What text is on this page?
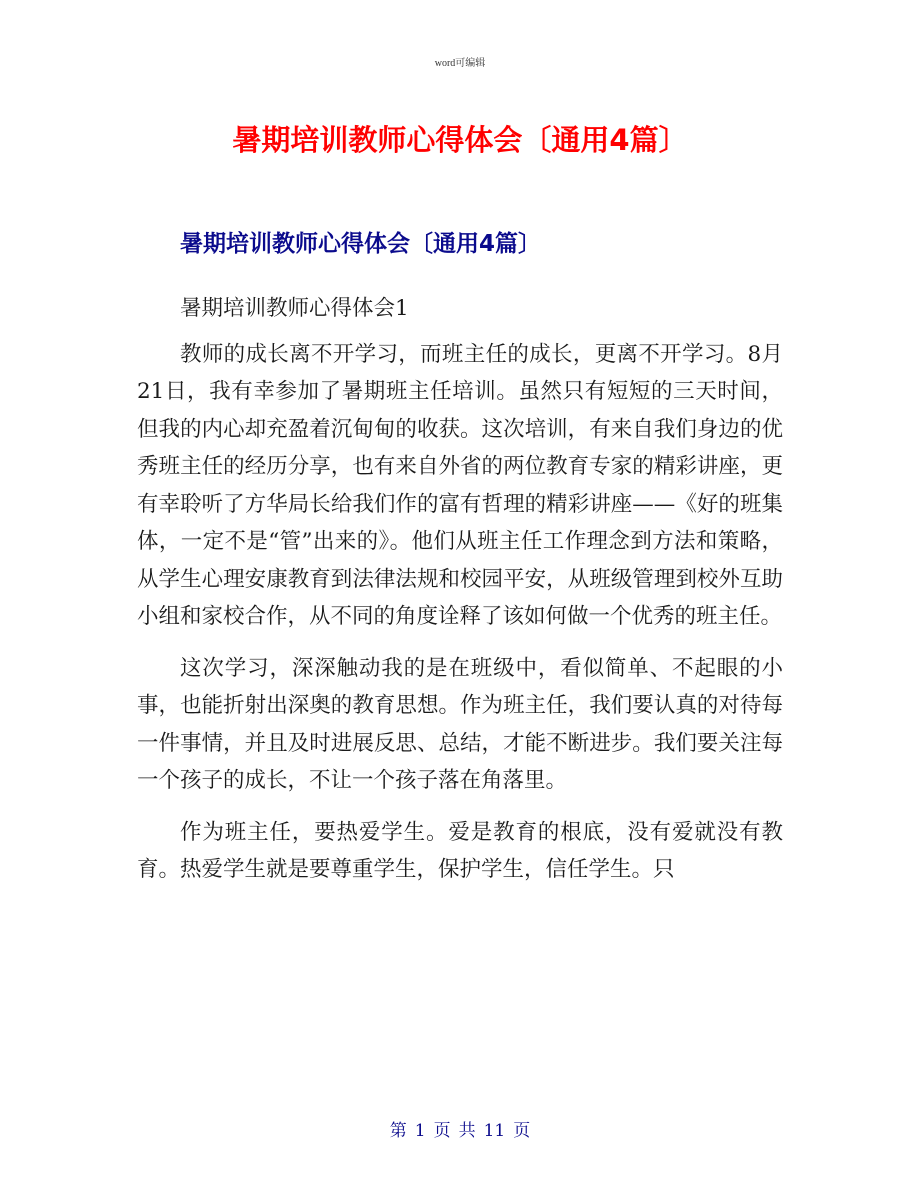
word可编辑
暑期培训教师心得体会〔通用4篇〕
暑期培训教师心得体会〔通用4篇〕

暑期培训教师心得体会1

教师的成长离不开学习，而班主任的成长，更离不开学习。8月21日，我有幸参加了暑期班主任培训。虽然只有短短的三天时间，但我的内心却充盈着沉甸甸的收获。这次培训，有来自我们身边的优秀班主任的经历分享，也有来自外省的两位教育专家的精彩讲座，更有幸聆听了方华局长给我们作的富有哲理的精彩讲座——《好的班集体，一定不是“管”出来的》。他们从班主任工作理念到方法和策略，从学生心理安康教育到法律法规和校园平安，从班级管理到校外互助小组和家校合作，从不同的角度诠释了该如何做一个优秀的班主任。

这次学习，深深触动我的是在班级中，看似简单、不起眼的小事，也能折射出深奥的教育思想。作为班主任，我们要认真的对待每一件事情，并且及时进展反思、总结，才能不断进步。我们要关注每一个孩子的成长，不让一个孩子落在角落里。

作为班主任，要热爱学生。爱是教育的根底，没有爱就没有教育。热爱学生就是要尊重学生，保护学生，信任学生。只

第 1 页 共 11 页
